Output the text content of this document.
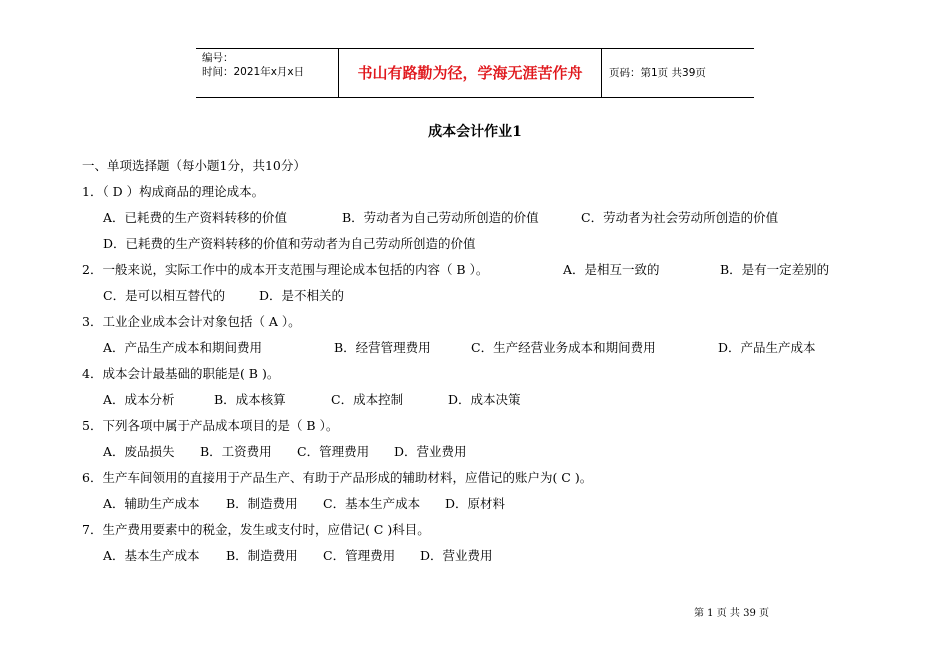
编号：
时间：2021年x月x日	书山有路勤为径，学海无涯苦作舟	页码：第1页 共39页
成本会计作业1
一、单项选择题（每小题1分，共10分）
1．（ D ）构成商品的理论成本。
A．已耗费的生产资料转移的价值	B．劳动者为自己劳动所创造的价值	C．劳动者为社会劳动所创造的价值
D．已耗费的生产资料转移的价值和劳动者为自己劳动所创造的价值
2．一般来说，实际工作中的成本开支范围与理论成本包括的内容（ B ）。	A．是相互一致的	B．是有一定差别的
C．是可以相互替代的	D．是不相关的
3．工业企业成本会计对象包括（ A ）。
A．产品生产成本和期间费用	B．经营管理费用	C．生产经营业务成本和期间费用	D．产品生产成本
4．成本会计最基础的职能是( B )。
A．成本分析	B．成本核算	C．成本控制	D．成本决策
5．下列各项中属于产品成本项目的是（ B ）。
A．废品损失 B．工资费用 C．管理费用 D．营业费用
6．生产车间领用的直接用于产品生产、有助于产品形成的辅助材料，应借记的账户为( C )。
A．辅助生产成本 B．制造费用 C．基本生产成本 D．原材料
7．生产费用要素中的税金，发生或支付时，应借记( C )科目。
A．基本生产成本 B．制造费用 C．管理费用 D．营业费用
第 1 页 共 39 页
